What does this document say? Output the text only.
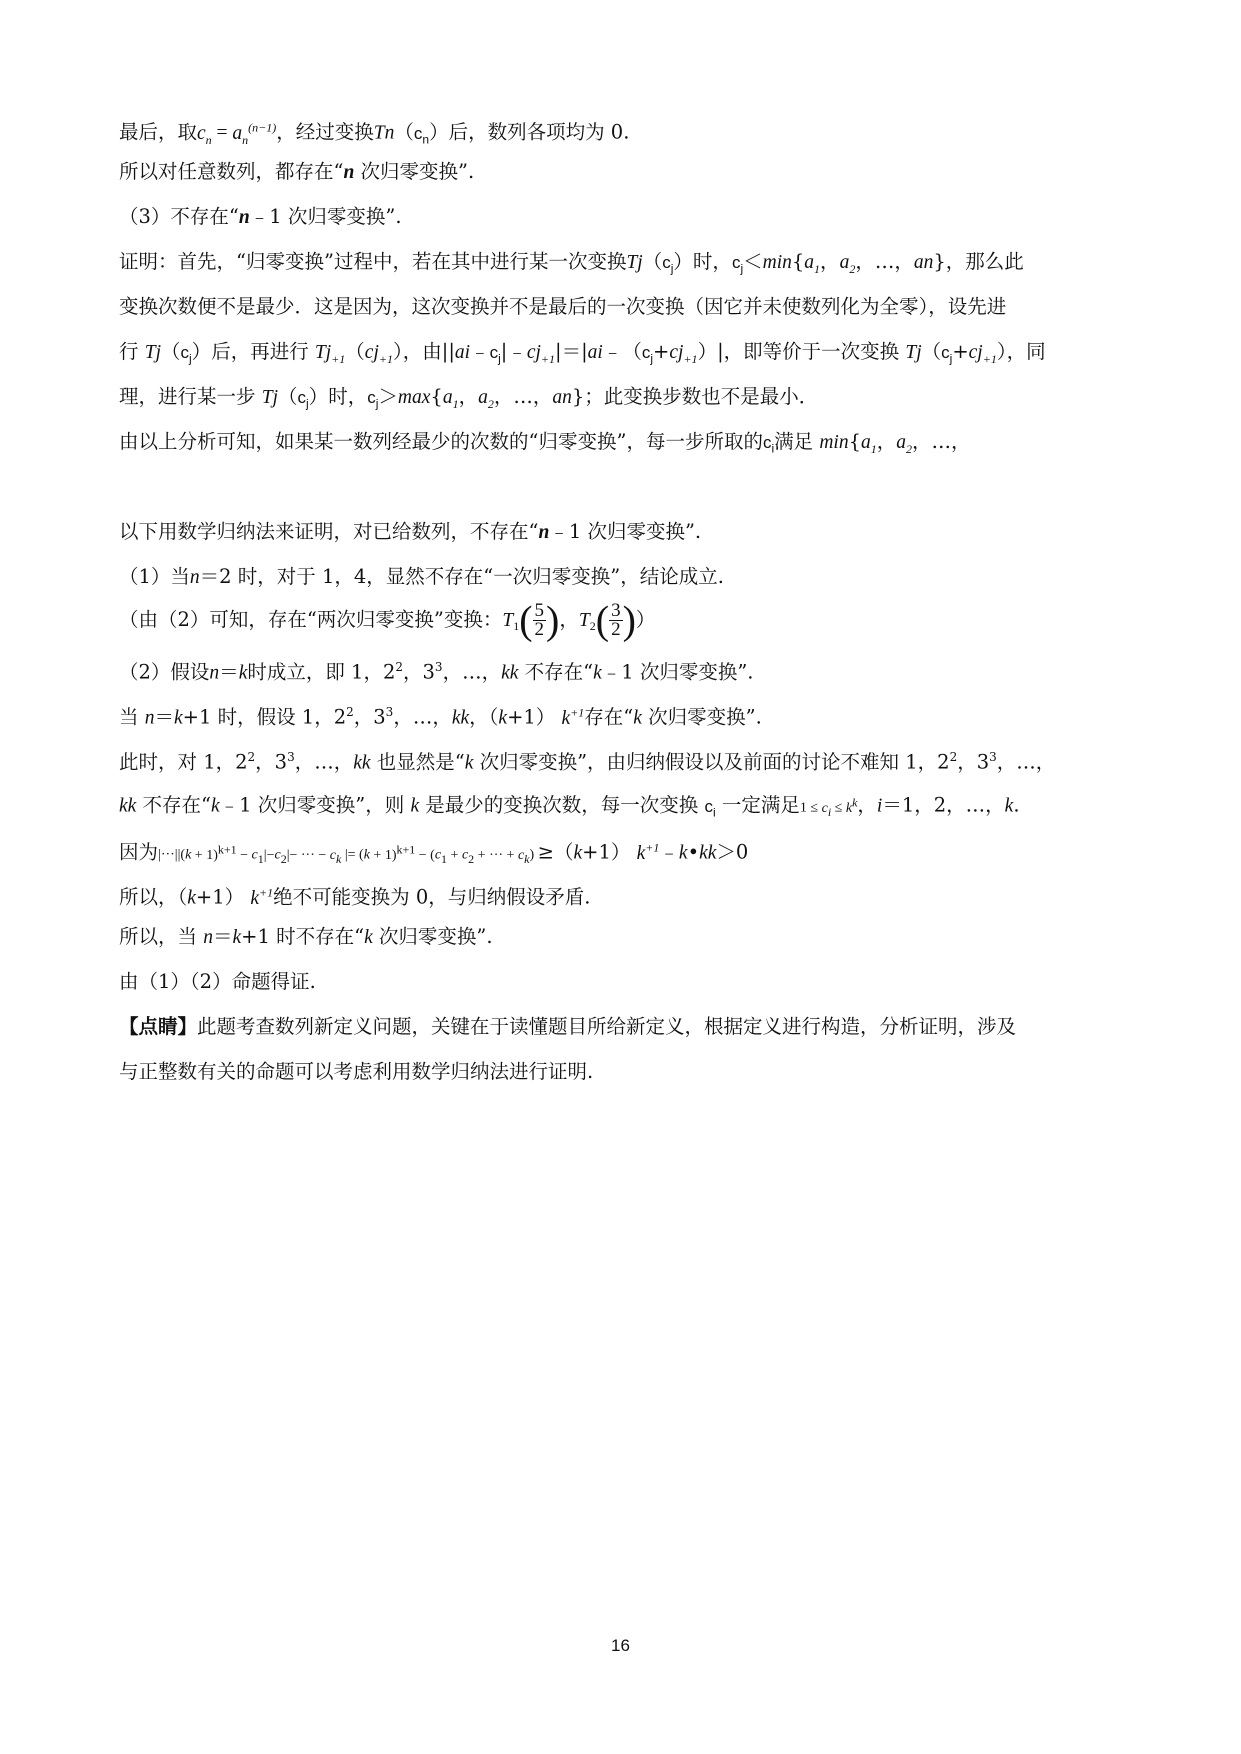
最后，取$c_n = a_n^{(n-1)}$，经过变换$Tn(c_n)$后，数列各项均为 0.
所以对任意数列，都存在“n 次归零变换”.
（3）不存在“n﹣1 次归零变换”.
证明：首先，“归零变换”过程中，若在其中进行某一次变换$Tj(c_j)$时，$c_j<\min\{a_1$，$a_2$，…，an}，那么此
变换次数便不是最少．这是因为，这次变换并不是最后的一次变换（因它并未使数列化为全零），设先进
行 $Tj(c_j)$后，再进行 $Tj_{+1}(cj_{+1})$，由$||ai﹣c_j|﹣cj_{+1}|=|ai﹣(c_j+cj_{+1})|$，即等价于一次变换 $Tj(c_j+cj_{+1})$，同
理，进行某一步 $Tj(c_j)$时，$c_j>\max\{a_1$，$a_2$，…，an}；此变换步数也不是最小．
由以上分析可知，如果某一数列经最少的次数的“归零变换”，每一步所取的$c_i$满足 $\min\{a_1$，$a_2$，…，
以下用数学归纳法来证明，对已给数列，不存在“n﹣1 次归零变换”.
（1）当n＝2 时，对于 1，4，显然不存在“一次归零变换”，结论成立.
（由（2）可知，存在“两次归零变换”变换：$T_1( \frac{5}{2}$ )，$T_2( \frac{3}{2}$ )）
（2）假设n＝k时成立，即 1，$2^2$，$3^3$，…，kk 不存在“k﹣1 次归零变换”.
当 n＝k+1 时，假设 1，$2^2$，$3^3$，…，kk，（k+1） $k^{+1}$存在“k 次归零变换”.
此时，对 1，$2^2$，$3^3$，…，kk 也显然是“k 次归零变换”，由归纳假设以及前面的讨论不难知 1，$2^2$，$3^3$，…，
kk 不存在“k﹣1 次归零变换”，则 k 是最少的变换次数，每一次变换 $c_i$ 一定满足$1 \le c_i \le k^k$，i＝1，2，…，k.
因为$|\cdot\cdot\cdot||(k + 1)^{k+1} - c_1|-c_2|-$ ··· − $c_k$ |= $(k + 1)^{k+1} - (c_1 + c_2$ + ··· + $c_k) \ge(k+1)$ $k^{+1}﹣k•kk>0$
所以，（k+1） $k^{+1}$绝不可能变换为 0，与归纳假设矛盾.
所以，当 n＝k+1 时不存在“k 次归零变换”.
由（1）（2）命题得证.
【点睛】此题考查数列新定义问题，关键在于读懂题目所给新定义，根据定义进行构造，分析证明，涉及
与正整数有关的命题可以考虑利用数学归纳法进行证明.
16
